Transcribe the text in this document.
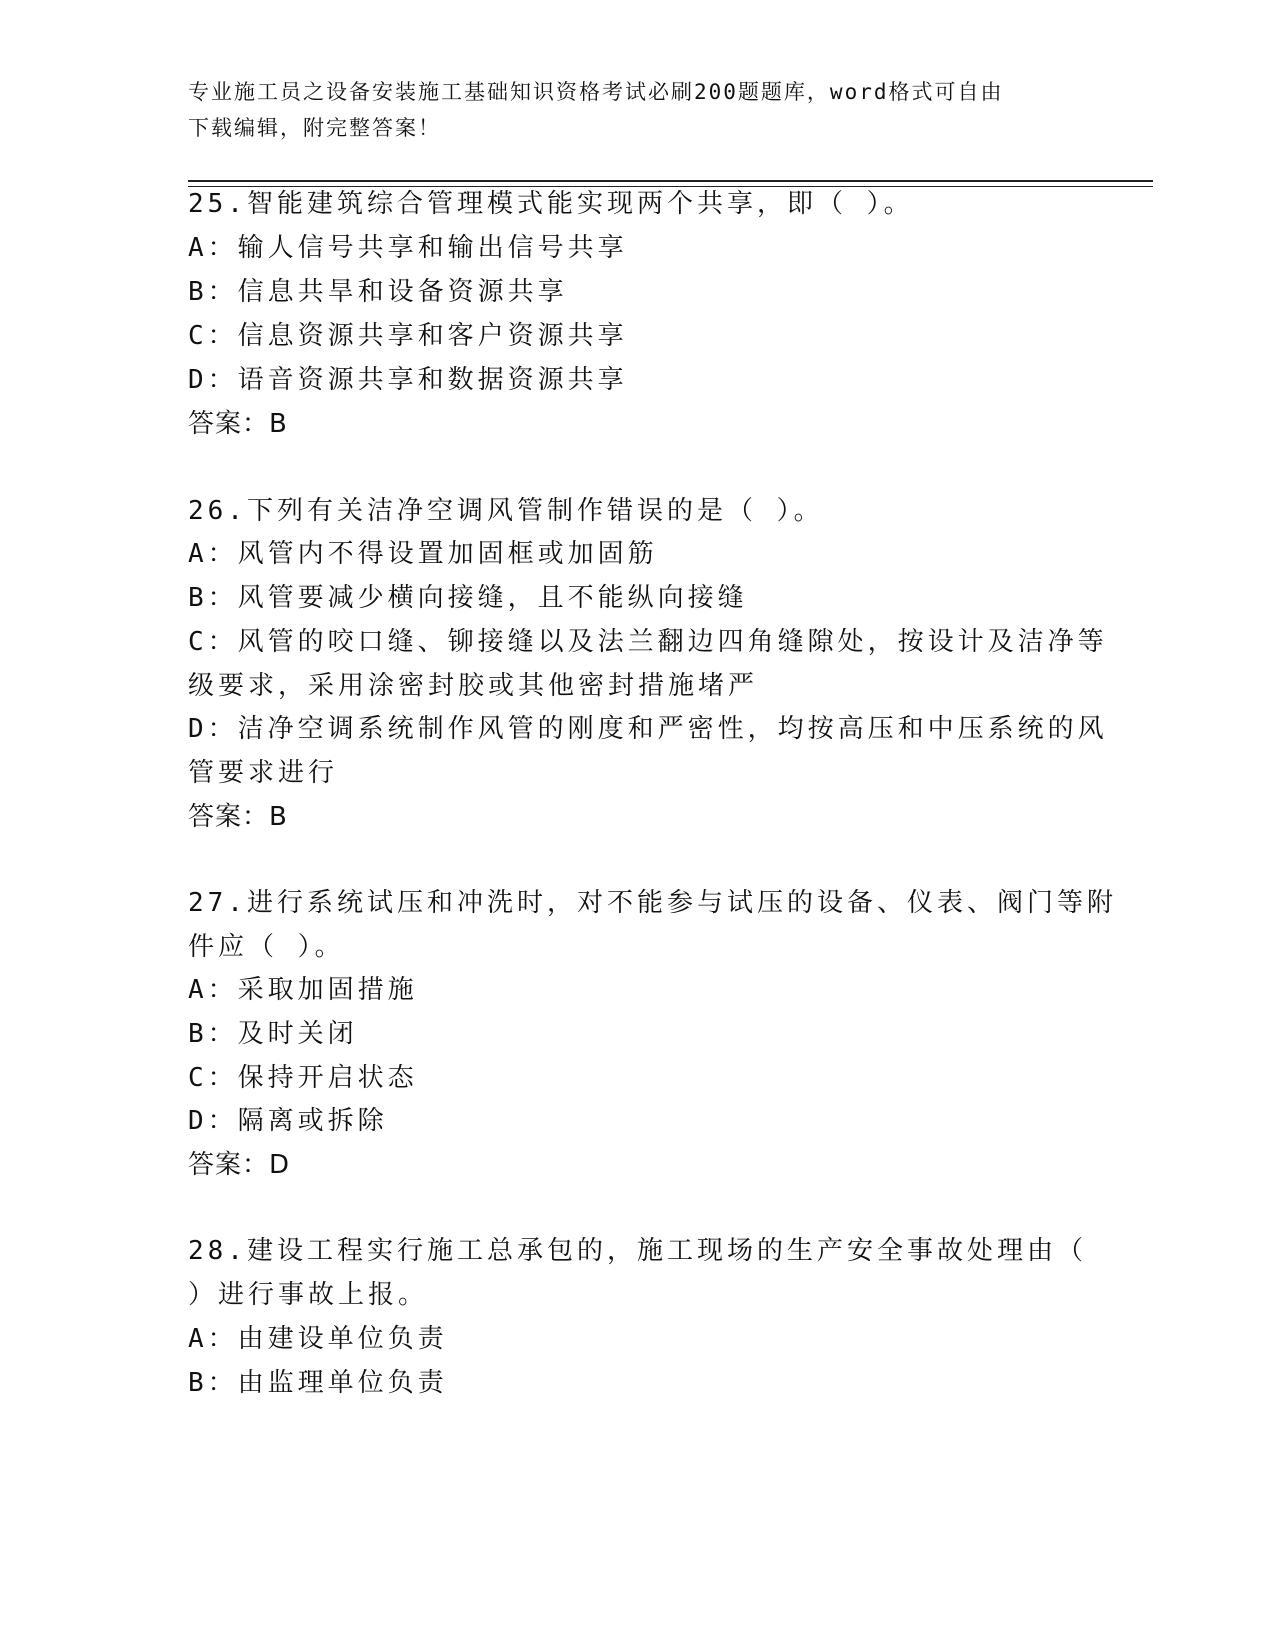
专业施工员之设备安装施工基础知识资格考试必刷200题题库，word格式可自由
下载编辑，附完整答案！
25.智能建筑综合管理模式能实现两个共享，即（ ）。
A：输人信号共享和输出信号共享
B：信息共旱和设备资源共享
C：信息资源共享和客户资源共享
D：语音资源共享和数据资源共享
答案：B
26.下列有关洁净空调风管制作错误的是（ ）。
A：风管内不得设置加固框或加固筋
B：风管要减少横向接缝，且不能纵向接缝
C：风管的咬口缝、铆接缝以及法兰翻边四角缝隙处，按设计及洁净等
级要求，采用涂密封胶或其他密封措施堵严
D：洁净空调系统制作风管的刚度和严密性，均按高压和中压系统的风
管要求进行
答案：B
27.进行系统试压和冲洗时，对不能参与试压的设备、仪表、阀门等附
件应（ ）。
A：采取加固措施
B：及时关闭
C：保持开启状态
D：隔离或拆除
答案：D
28.建设工程实行施工总承包的，施工现场的生产安全事故处理由（
）进行事故上报。
A：由建设单位负责
B：由监理单位负责
